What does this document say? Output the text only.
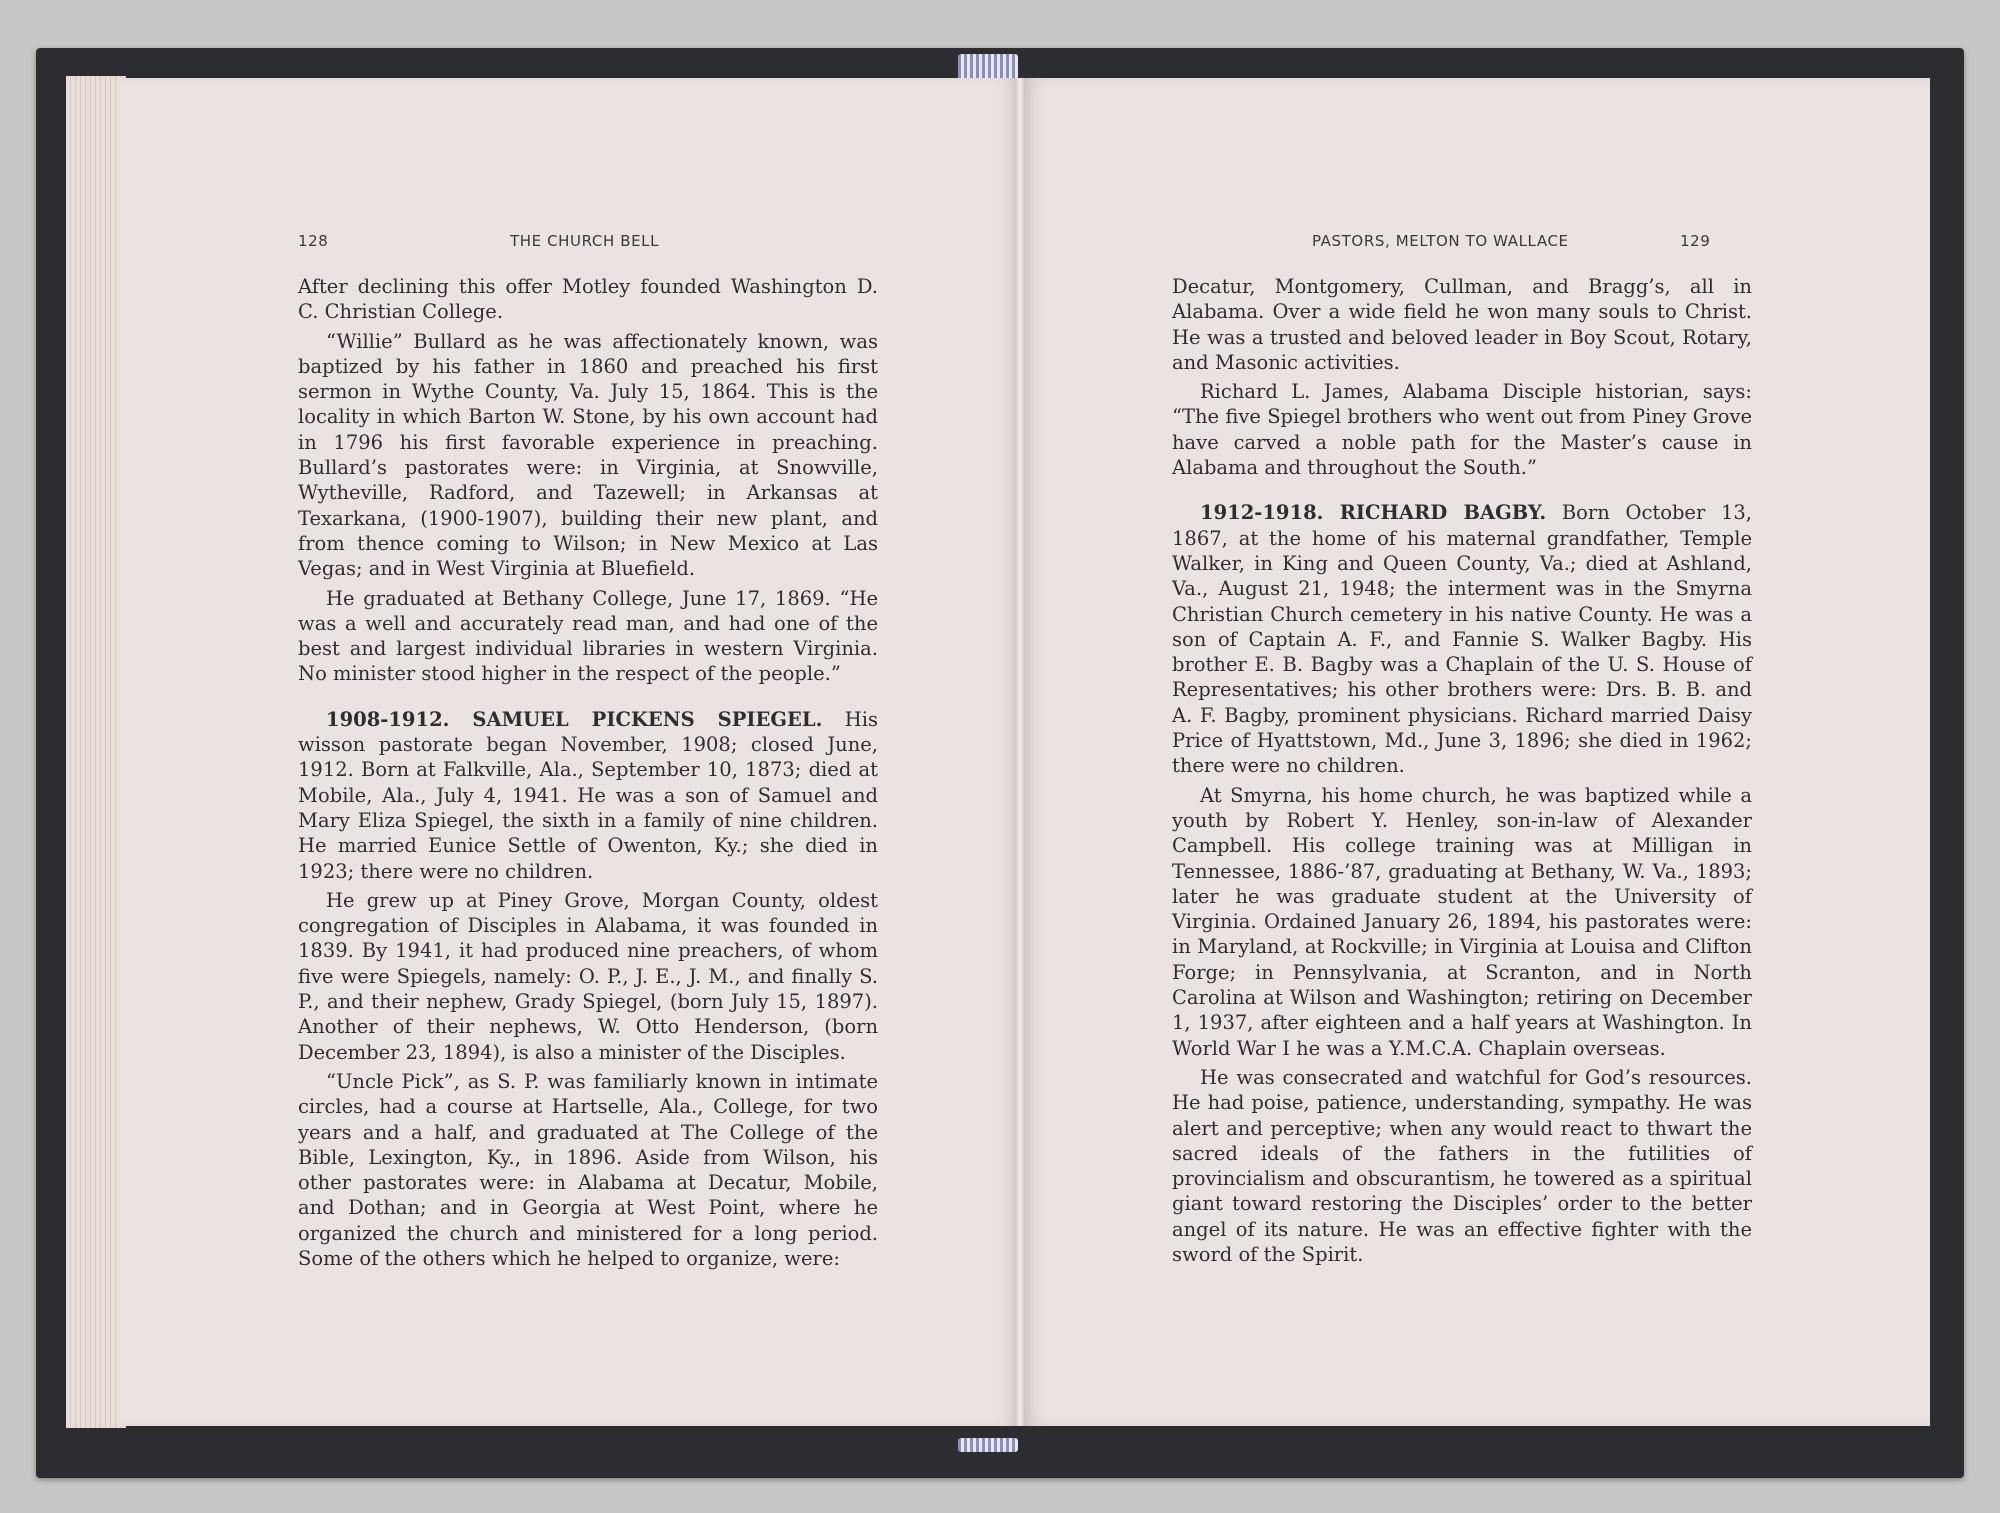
128	THE CHURCH BELL	PASTORS, MELTON TO WALLACE	129

After declining this offer Motley founded Washington D. C. Christian College.

“Willie” Bullard as he was affectionately known, was baptized by his father in 1860 and preached his first sermon in Wythe County, Va. July 15, 1864. This is the locality in which Barton W. Stone, by his own account had in 1796 his first favorable experience in preaching. Bullard’s pastorates were: in Virginia, at Snowville, Wytheville, Radford, and Tazewell; in Arkansas at Texarkana, (1900-1907), building their new plant, and from thence coming to Wilson; in New Mexico at Las Vegas; and in West Virginia at Bluefield.

He graduated at Bethany College, June 17, 1869. “He was a well and accurately read man, and had one of the best and largest individual libraries in western Virginia. No minister stood higher in the respect of the people.”

1908-1912. SAMUEL PICKENS SPIEGEL. His wisson pastorate began November, 1908; closed June, 1912. Born at Falkville, Ala., September 10, 1873; died at Mobile, Ala., July 4, 1941. He was a son of Samuel and Mary Eliza Spiegel, the sixth in a family of nine children. He married Eunice Settle of Owenton, Ky.; she died in 1923; there were no children.

He grew up at Piney Grove, Morgan County, oldest congregation of Disciples in Alabama, it was founded in 1839. By 1941, it had produced nine preachers, of whom five were Spiegels, namely: O. P., J. E., J. M., and finally S. P., and their nephew, Grady Spiegel, (born July 15, 1897). Another of their nephews, W. Otto Henderson, (born December 23, 1894), is also a minister of the Disciples.

“Uncle Pick”, as S. P. was familiarly known in intimate circles, had a course at Hartselle, Ala., College, for two years and a half, and graduated at The College of the Bible, Lexington, Ky., in 1896. Aside from Wilson, his other pastorates were: in Alabama at Decatur, Mobile, and Dothan; and in Georgia at West Point, where he organized the church and ministered for a long period. Some of the others which he helped to organize, were:

Decatur, Montgomery, Cullman, and Bragg’s, all in Alabama. Over a wide field he won many souls to Christ. He was a trusted and beloved leader in Boy Scout, Rotary, and Masonic activities.

Richard L. James, Alabama Disciple historian, says: “The five Spiegel brothers who went out from Piney Grove have carved a noble path for the Master’s cause in Alabama and throughout the South.”

1912-1918. RICHARD BAGBY. Born October 13, 1867, at the home of his maternal grandfather, Temple Walker, in King and Queen County, Va.; died at Ashland, Va., August 21, 1948; the interment was in the Smyrna Christian Church cemetery in his native County. He was a son of Captain A. F., and Fannie S. Walker Bagby. His brother E. B. Bagby was a Chaplain of the U. S. House of Representatives; his other brothers were: Drs. B. B. and A. F. Bagby, prominent physicians. Richard married Daisy Price of Hyattstown, Md., June 3, 1896; she died in 1962; there were no children.

At Smyrna, his home church, he was baptized while a youth by Robert Y. Henley, son-in-law of Alexander Campbell. His college training was at Milligan in Tennessee, 1886-’87, graduating at Bethany, W. Va., 1893; later he was graduate student at the University of Virginia. Ordained January 26, 1894, his pastorates were: in Maryland, at Rockville; in Virginia at Louisa and Clifton Forge; in Pennsylvania, at Scranton, and in North Carolina at Wilson and Washington; retiring on December 1, 1937, after eighteen and a half years at Washington. In World War I he was a Y.M.C.A. Chaplain overseas.

He was consecrated and watchful for God’s resources. He had poise, patience, understanding, sympathy. He was alert and perceptive; when any would react to thwart the sacred ideals of the fathers in the futilities of provincialism and obscurantism, he towered as a spiritual giant toward restoring the Disciples’ order to the better angel of its nature. He was an effective fighter with the sword of the Spirit.
